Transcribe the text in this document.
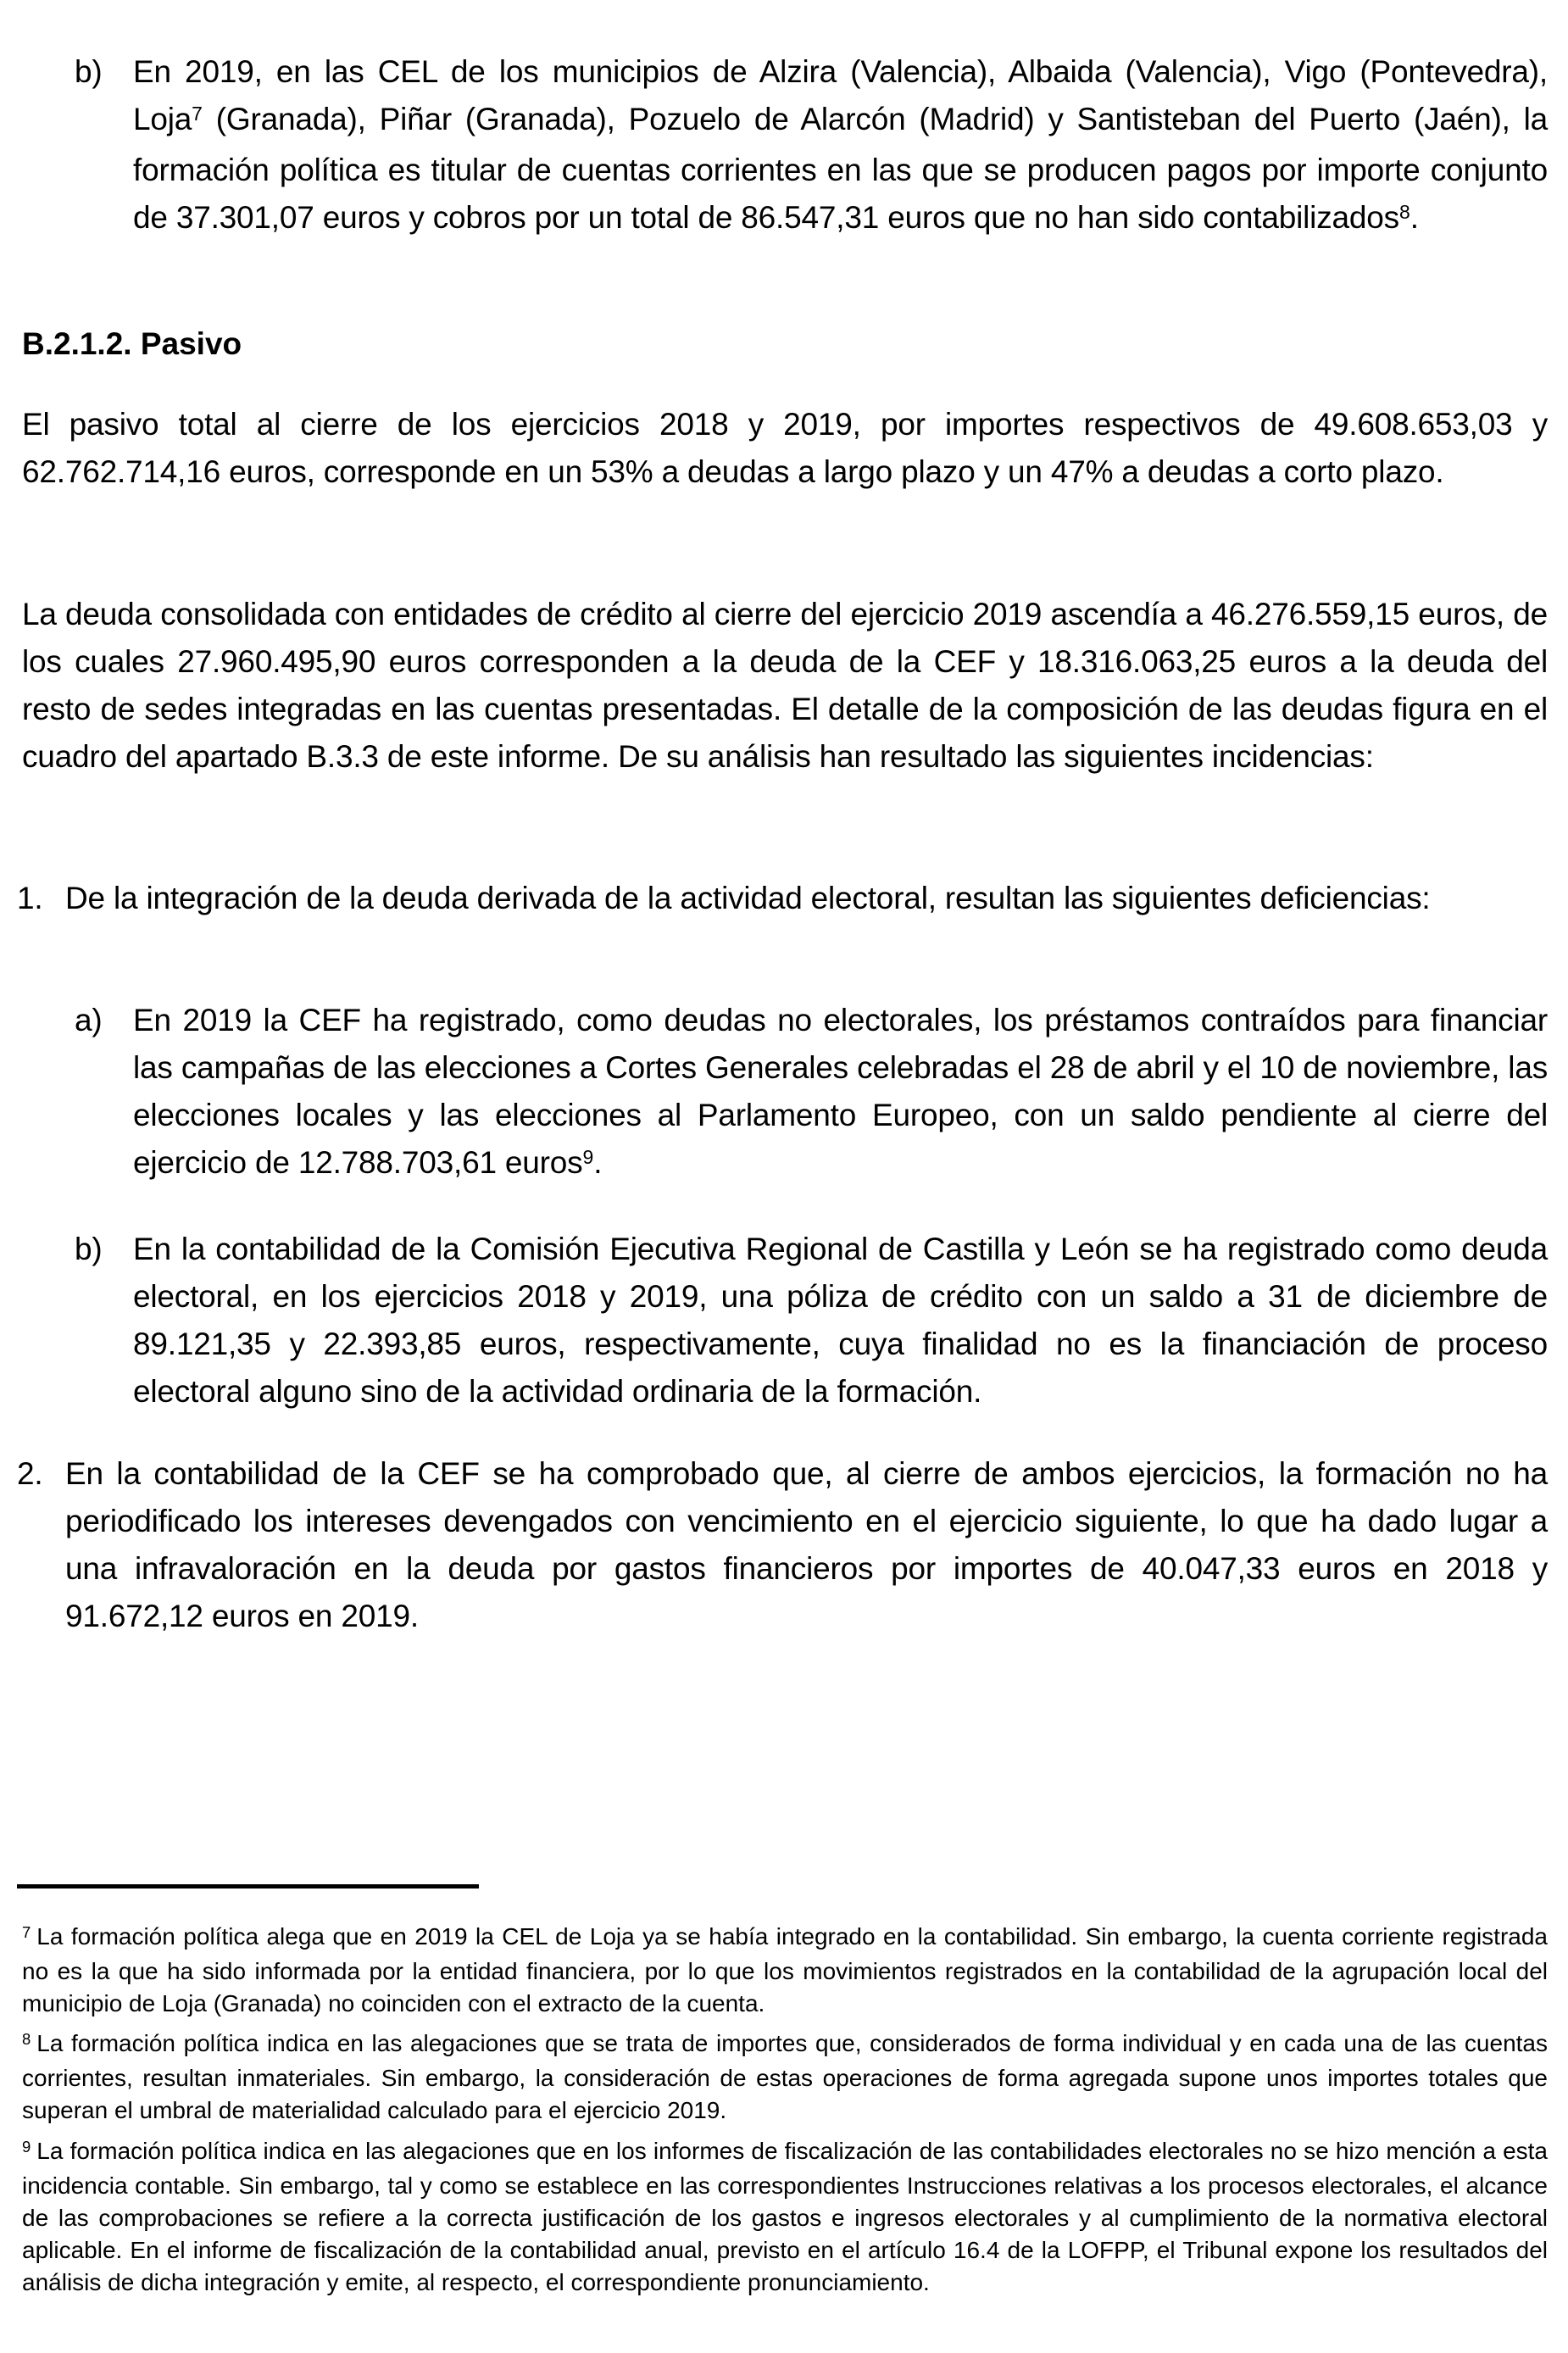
b) En 2019, en las CEL de los municipios de Alzira (Valencia), Albaida (Valencia), Vigo (Pontevedra), Loja$^7$ (Granada), Piñar (Granada), Pozuelo de Alarcón (Madrid) y Santisteban del Puerto (Jaén), la formación política es titular de cuentas corrientes en las que se producen pagos por importe conjunto de 37.301,07 euros y cobros por un total de 86.547,31 euros que no han sido contabilizados$^8$.
B.2.1.2. Pasivo
El pasivo total al cierre de los ejercicios 2018 y 2019, por importes respectivos de 49.608.653,03 y 62.762.714,16 euros, corresponde en un 53% a deudas a largo plazo y un 47% a deudas a corto plazo.
La deuda consolidada con entidades de crédito al cierre del ejercicio 2019 ascendía a 46.276.559,15 euros, de los cuales 27.960.495,90 euros corresponden a la deuda de la CEF y 18.316.063,25 euros a la deuda del resto de sedes integradas en las cuentas presentadas. El detalle de la composición de las deudas figura en el cuadro del apartado B.3.3 de este informe. De su análisis han resultado las siguientes incidencias:
1. De la integración de la deuda derivada de la actividad electoral, resultan las siguientes deficiencias:
a) En 2019 la CEF ha registrado, como deudas no electorales, los préstamos contraídos para financiar las campañas de las elecciones a Cortes Generales celebradas el 28 de abril y el 10 de noviembre, las elecciones locales y las elecciones al Parlamento Europeo, con un saldo pendiente al cierre del ejercicio de 12.788.703,61 euros$^9$.
b) En la contabilidad de la Comisión Ejecutiva Regional de Castilla y León se ha registrado como deuda electoral, en los ejercicios 2018 y 2019, una póliza de crédito con un saldo a 31 de diciembre de 89.121,35 y 22.393,85 euros, respectivamente, cuya finalidad no es la financiación de proceso electoral alguno sino de la actividad ordinaria de la formación.
2. En la contabilidad de la CEF se ha comprobado que, al cierre de ambos ejercicios, la formación no ha periodificado los intereses devengados con vencimiento en el ejercicio siguiente, lo que ha dado lugar a una infravaloración en la deuda por gastos financieros por importes de 40.047,33 euros en 2018 y 91.672,12 euros en 2019.
$^7$ La formación política alega que en 2019 la CEL de Loja ya se había integrado en la contabilidad. Sin embargo, la cuenta corriente registrada no es la que ha sido informada por la entidad financiera, por lo que los movimientos registrados en la contabilidad de la agrupación local del municipio de Loja (Granada) no coinciden con el extracto de la cuenta.
$^8$ La formación política indica en las alegaciones que se trata de importes que, considerados de forma individual y en cada una de las cuentas corrientes, resultan inmateriales. Sin embargo, la consideración de estas operaciones de forma agregada supone unos importes totales que superan el umbral de materialidad calculado para el ejercicio 2019.
$^9$ La formación política indica en las alegaciones que en los informes de fiscalización de las contabilidades electorales no se hizo mención a esta incidencia contable. Sin embargo, tal y como se establece en las correspondientes Instrucciones relativas a los procesos electorales, el alcance de las comprobaciones se refiere a la correcta justificación de los gastos e ingresos electorales y al cumplimiento de la normativa electoral aplicable. En el informe de fiscalización de la contabilidad anual, previsto en el artículo 16.4 de la LOFPP, el Tribunal expone los resultados del análisis de dicha integración y emite, al respecto, el correspondiente pronunciamiento.
